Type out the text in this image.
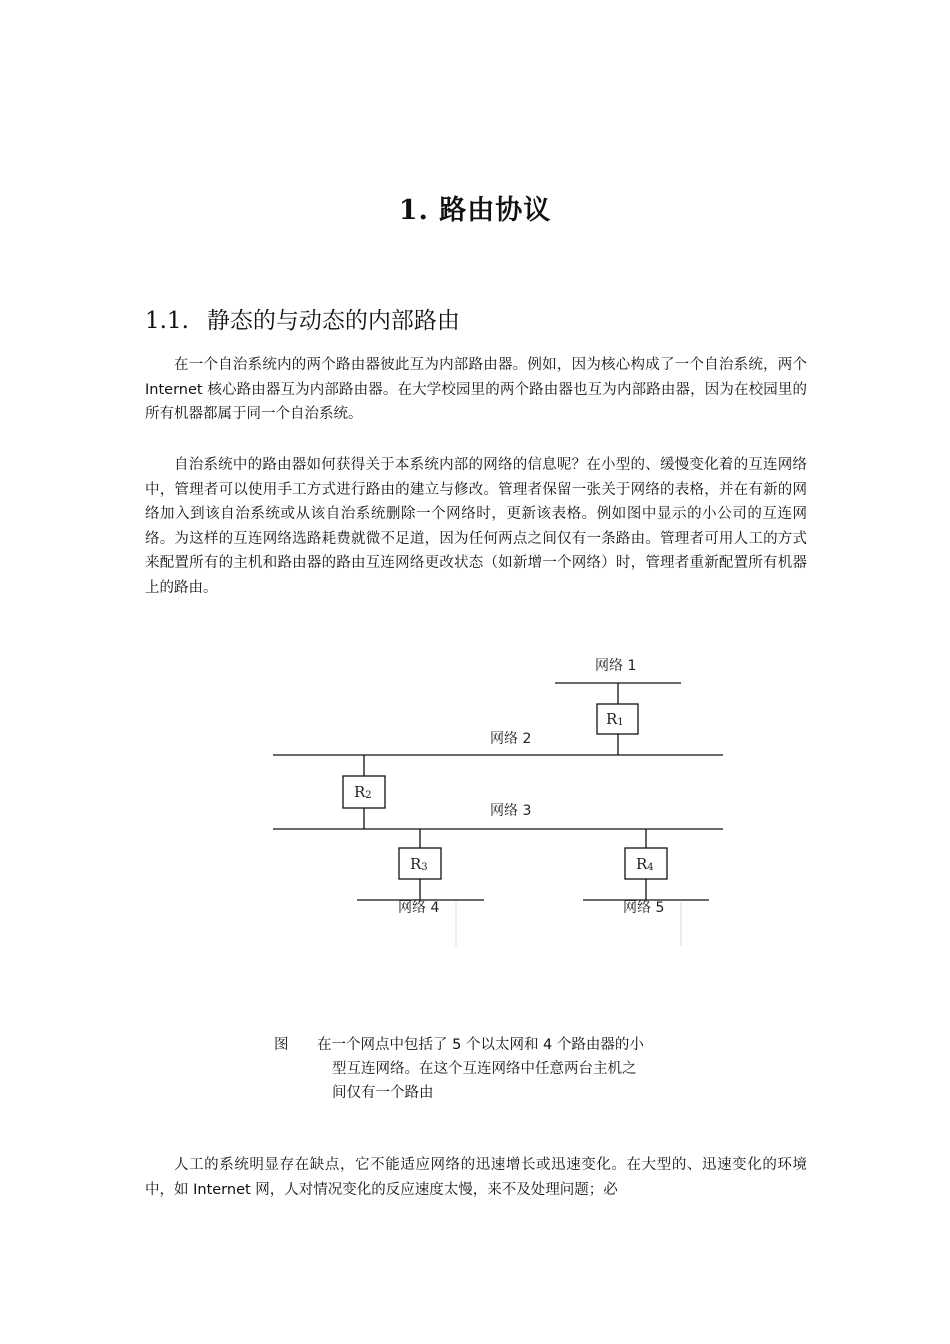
1. 路由协议
1.1. 静态的与动态的内部路由

在一个自治系统内的两个路由器彼此互为内部路由器。例如，因为核心构成了一个自治系统，两个 Internet 核心路由器互为内部路由器。在大学校园里的两个路由器也互为内部路由器，因为在校园里的所有机器都属于同一个自治系统。

自治系统中的路由器如何获得关于本系统内部的网络的信息呢？在小型的、缓慢变化着的互连网络中，管理者可以使用手工方式进行路由的建立与修改。管理者保留一张关于网络的表格，并在有新的网络加入到该自治系统或从该自治系统删除一个网络时，更新该表格。例如图中显示的小公司的互连网络。为这样的互连网络选路耗费就微不足道，因为任何两点之间仅有一条路由。管理者可用人工的方式来配置所有的主机和路由器的路由互连网络更改状态（如新增一个网络）时，管理者重新配置所有机器上的路由。

网络 1
网络 2
网络 3
网络 4	网络 5
$R_1$
$R_2$
$R_3$	$R_4$
图 在一个网点中包括了 5 个以太网和 4 个路由器的小
型互连网络。在这个互连网络中任意两台主机之
间仅有一个路由

人工的系统明显存在缺点，它不能适应网络的迅速增长或迅速变化。在大型的、迅速变化的环境中，如 Internet 网，人对情况变化的反应速度太慢，来不及处理问题；必
